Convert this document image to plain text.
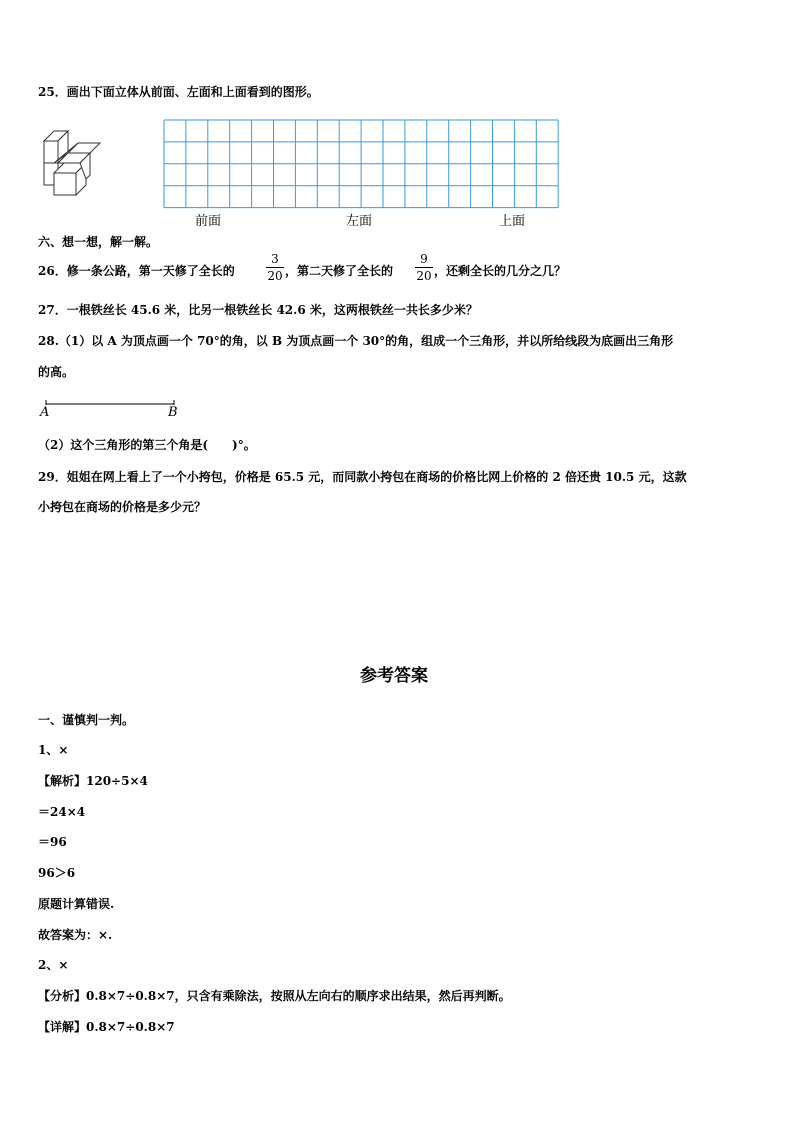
25．画出下面立体从前面、左面和上面看到的图形。
前面	左面	上面
六、想一想，解一解。
26．修一条公路，第一天修了全长的
3
20 ，第二天修了全长的
9
20 ，还剩全长的几分之几？
27．一根铁丝长 45.6 米，比另一根铁丝长 42.6 米，这两根铁丝一共长多少米？
28.（1）以 A 为顶点画一个 70°的角，以 B 为顶点画一个 30°的角，组成一个三角形，并以所给线段为底画出三角形
的高。
A	B
（2）这个三角形的第三个角是(　　)°。
29．姐姐在网上看上了一个小挎包，价格是 65.5 元，而同款小挎包在商场的价格比网上价格的 2 倍还贵 10.5 元，这款
小挎包在商场的价格是多少元？
参考答案
一、谨慎判一判。
1、×
【解析】120÷5×4
＝24×4
＝96
96＞6
原题计算错误.
故答案为：×.
2、×
【分析】0.8×7÷0.8×7，只含有乘除法，按照从左向右的顺序求出结果，然后再判断。
【详解】0.8×7÷0.8×7
